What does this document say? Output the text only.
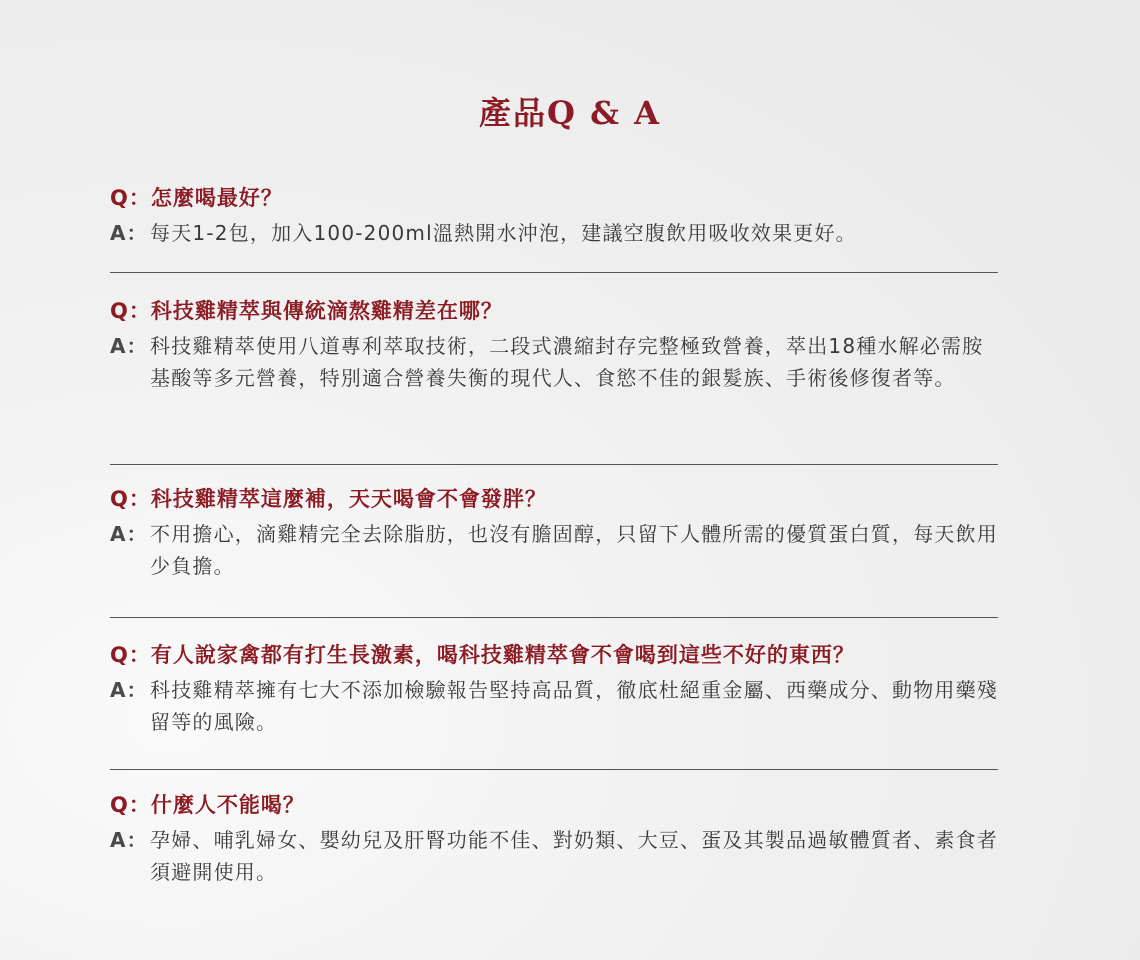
產品Q & A
Q： 怎麼喝最好？
A： 每天1-2包，加入100-200ml溫熱開水沖泡，建議空腹飲用吸收效果更好。
Q： 科技雞精萃與傳統滴熬雞精差在哪？
A： 科技雞精萃使用八道專利萃取技術，二段式濃縮封存完整極致營養，萃出18種水解必需胺基酸等多元營養，特別適合營養失衡的現代人、食慾不佳的銀髮族、手術後修復者等。
Q： 科技雞精萃這麼補，天天喝會不會發胖？
A： 不用擔心，滴雞精完全去除脂肪，也沒有膽固醇，只留下人體所需的優質蛋白質，每天飲用少負擔。
Q： 有人說家禽都有打生長激素，喝科技雞精萃會不會喝到這些不好的東西？
A： 科技雞精萃擁有七大不添加檢驗報告堅持高品質，徹底杜絕重金屬、西藥成分、動物用藥殘留等的風險。
Q： 什麼人不能喝？
A： 孕婦、哺乳婦女、嬰幼兒及肝腎功能不佳、對奶類、大豆、蛋及其製品過敏體質者、素食者須避開使用。
